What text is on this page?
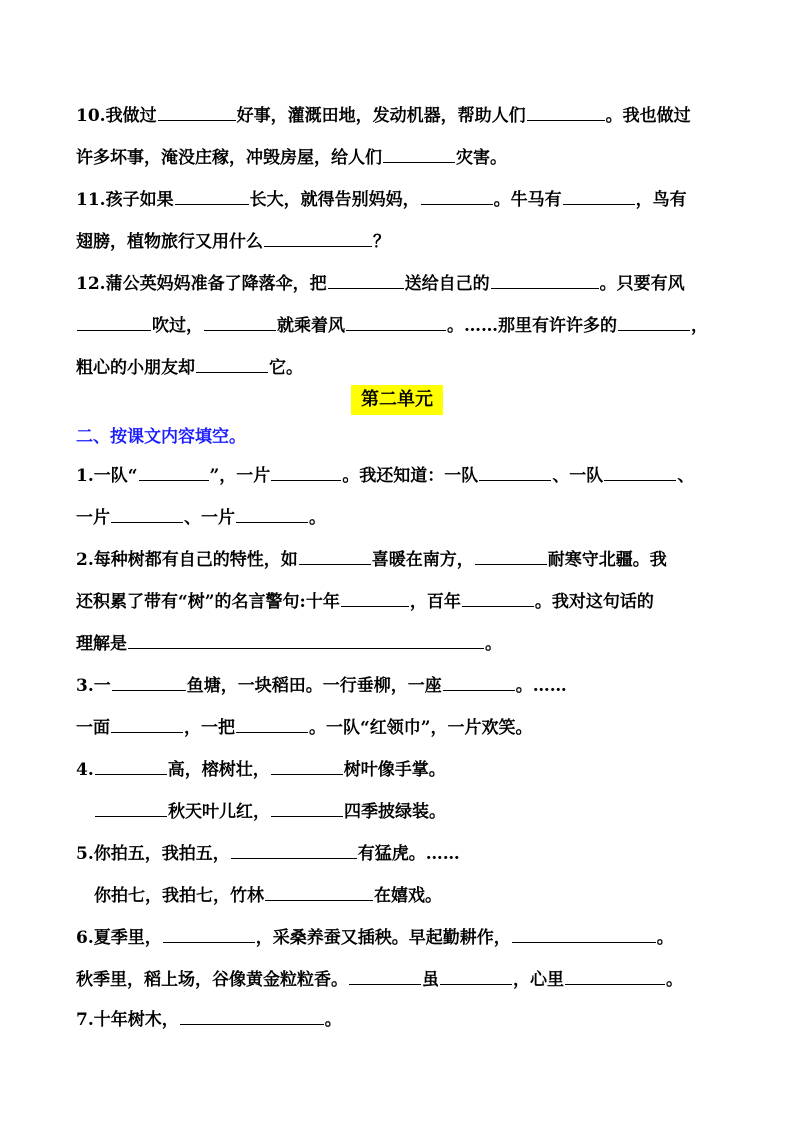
第二单元
二、按课文内容填空。
10.我做过	好事，灌溉田地，发动机器，帮助人们	。我也做过
许多坏事，淹没庄稼，冲毁房屋，给人们	灾害。
11.孩子如果	长大，就得告别妈妈，	。牛马有	，鸟有
翅膀，植物旅行又用什么	？
12.蒲公英妈妈准备了降落伞，把	送给自己的	。只要有风
吹过，	就乘着风	。……那里有许许多的	，
粗心的小朋友却	它。
1.一队“	”，一片	。我还知道：一队	、一队	、
一片	、一片	。
2.每种树都有自己的特性，如	喜暖在南方，	耐寒守北疆。我
还积累了带有“树”的名言警句:十年	，百年	。我对这句话的
理解是	。
3.一	鱼塘，一块稻田。一行垂柳，一座	。……
一面	，一把	。一队“红领巾”，一片欢笑。
4.	高，榕树壮，	树叶像手掌。
秋天叶儿红，	四季披绿装。
5.你拍五，我拍五，	有猛虎。……
你拍七，我拍七，竹林	在嬉戏。
6.夏季里，	，采桑养蚕又插秧。早起勤耕作，	。
秋季里，稻上场，谷像黄金粒粒香。	虽	，心里	。
7.十年树木，	。
